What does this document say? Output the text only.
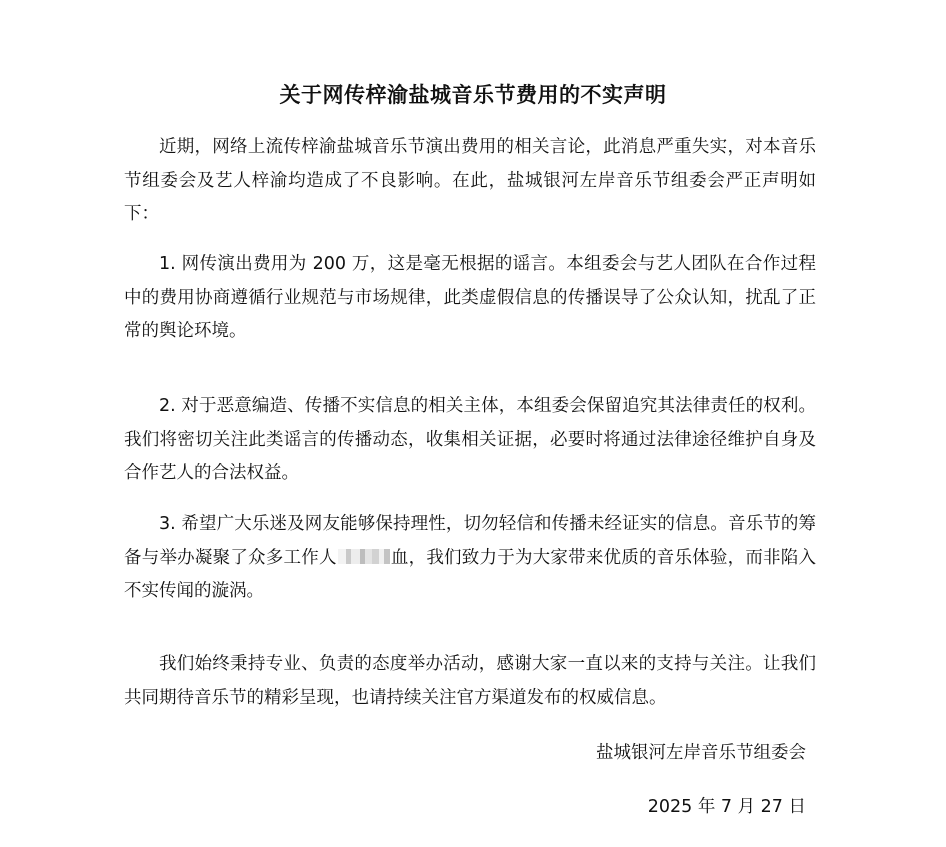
关于网传梓渝盐城音乐节费用的不实声明

近期，网络上流传梓渝盐城音乐节演出费用的相关言论，此消息严重失实，对本音乐节组委会及艺人梓渝均造成了不良影响。在此，盐城银河左岸音乐节组委会严正声明如下：

1. 网传演出费用为 200 万，这是毫无根据的谣言。本组委会与艺人团队在合作过程中的费用协商遵循行业规范与市场规律，此类虚假信息的传播误导了公众认知，扰乱了正常的舆论环境。

2. 对于恶意编造、传播不实信息的相关主体，本组委会保留追究其法律责任的权利。我们将密切关注此类谣言的传播动态，收集相关证据，必要时将通过法律途径维护自身及合作艺人的合法权益。

3. 希望广大乐迷及网友能够保持理性，切勿轻信和传播未经证实的信息。音乐节的筹备与举办凝聚了众多工作人	血，我们致力于为大家带来优质的音乐体验，而非陷入不实传闻的漩涡。

我们始终秉持专业、负责的态度举办活动，感谢大家一直以来的支持与关注。让我们共同期待音乐节的精彩呈现，也请持续关注官方渠道发布的权威信息。

盐城银河左岸音乐节组委会
2025 年 7 月 27 日
